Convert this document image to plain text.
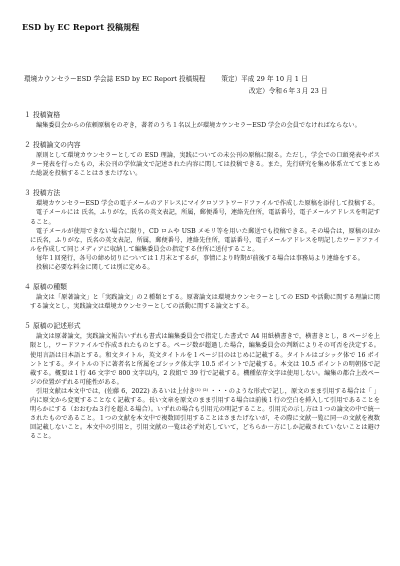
ESD by EC Report 投稿規程
環境カウンセラーESD 学会誌 ESD by EC Report 投稿規程 策定）平成 29 年 10 月 1 日
改定）令和６年３月 23 日
１ 投稿資格

編集委員会からの依頼原稿をのぞき，著者のうち１名以上が環境カウンセラーESD 学会の会員でなければならない。

２ 投稿論文の内容

原則として環境カウンセラーとしての ESD 理論，実践についての未公刊の原稿に限る。ただし，学会での口頭発表やポスター発表を行ったもの，未公刊の学位論文で記述された内容に関しては投稿できる。また，先行研究を集め体系立ててまとめた総説を投稿することはさまたげない。

３ 投稿方法

環境カウンセラーESD 学会の電子メールのアドレスにマイクロソフトワードファイルで作成した原稿を添付して投稿する。

電子メールには 氏名，ふりがな，氏名の英文表記，所属，郵便番号，連絡先住所，電話番号，電子メールアドレスを明記すること。

電子メールが使用できない場合に限り，CD ロムや USB メモリ等を用いた郵送でも投稿できる。その場合は，原稿のほかに氏名，ふりがな，氏名の英文表記，所属，郵便番号，連絡先住所，電話番号，電子メールアドレスを明記したワードファイルを作成して同じメディアに収納して編集委員会の指定する住所に送付すること。

毎年１回発行，各号の締め切りについては１月末とするが，事情により時期が前後する場合は事務局より連絡をする。

投稿に必要な料金に関しては別に定める。

４ 原稿の種類

論文は「原著論文」と「実践論文」の２種類とする。原著論文は環境カウンセラーとしての ESD や活動に関する理論に関する論文とし，実践論文は環境カウンセラーとしての活動に関する論文とする。

５ 原稿の記述形式

論文は原著論文，実践論文報告いずれも書式は編集委員会で指定した書式で A4 用紙横書きで，横書きとし，8 ページを上限とし，ワードファイルで作成されたものとする。ページ数が超過した場合，編集委員会の判断によりその可否を決定する。使用言語は日本語とする。和文タイトル，英文タイトルを１ページ目のはじめに記載する。タイトルはゴシック体で 16 ポイントとする。タイトルの下に著者名と所属をゴシック体太字 10.5 ポイントで記載する。本文は 10.5 ポイントの明朝体で記載する。概要は１行 46 文字で 800 文字以内，2 段組で 39 行で記載する。機種依存文字は使用しない。編集の都合上改ページの位置がずれる可能性がある。

引用文献は本文中では，(佐藤 6，2022) あるいは上付き⁽¹⁾ ⁽²⁾ ・・・のような形式で記し，原文のまま引用する場合は「 」内に原文から変更することなく記載する。長い文章を原文のまま引用する場合は前後１行の空白を挿入して引用であることを明らかにする（おおむね３行を超える場合）。いずれの場合も引用元の明記すること。引用元の示し方は１つの論文の中で統一されたものであること。１つの文献を本文中で複数回引用することはさまたげないが，その際に文献一覧に同一の文献を複数回記載しないこと。本文中の引用と，引用文献の一覧は必ず対応していて，どちらか一方にしか記載されていないことは避けること。
